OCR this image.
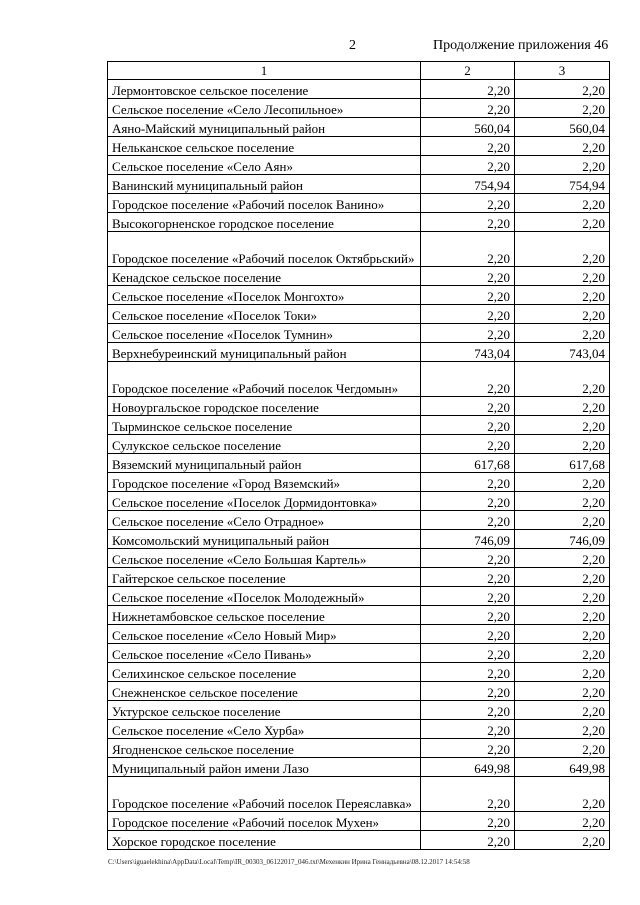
2	Продолжение приложения 46
1	2	3
Лермонтовское сельское поселение	2,20	2,20
Сельское поселение «Село Лесопильное»	2,20	2,20
Аяно-Майский муниципальный район	560,04	560,04
Нельканское сельское поселение	2,20	2,20
Сельское поселение «Село Аян»	2,20	2,20
Ванинский муниципальный район	754,94	754,94
Городское поселение «Рабочий поселок Ванино»	2,20	2,20
Высокогорненское городское поселение	2,20	2,20
Городское поселение «Рабочий поселок Октябрьский»	2,20	2,20
Кенадское сельское поселение	2,20	2,20
Сельское поселение «Поселок Монгохто»	2,20	2,20
Сельское поселение «Поселок Токи»	2,20	2,20
Сельское поселение «Поселок Тумнин»	2,20	2,20
Верхнебуреинский муниципальный район	743,04	743,04
Городское поселение «Рабочий поселок Чегдомын»	2,20	2,20
Новоургальское городское поселение	2,20	2,20
Тырминское сельское поселение	2,20	2,20
Сулукское сельское поселение	2,20	2,20
Вяземский муниципальный район	617,68	617,68
Городское поселение «Город Вяземский»	2,20	2,20
Сельское поселение «Поселок Дормидонтовка»	2,20	2,20
Сельское поселение «Село Отрадное»	2,20	2,20
Комсомольский муниципальный район	746,09	746,09
Сельское поселение «Село Большая Картель»	2,20	2,20
Гайтерское сельское поселение	2,20	2,20
Сельское поселение «Поселок Молодежный»	2,20	2,20
Нижнетамбовское сельское поселение	2,20	2,20
Сельское поселение «Село Новый Мир»	2,20	2,20
Сельское поселение «Село Пивань»	2,20	2,20
Селихинское сельское поселение	2,20	2,20
Снежненское сельское поселение	2,20	2,20
Уктурское сельское поселение	2,20	2,20
Сельское поселение «Село Хурба»	2,20	2,20
Ягодненское сельское поселение	2,20	2,20
Муниципальный район имени Лазо	649,98	649,98
Городское поселение «Рабочий поселок Переяславка»	2,20	2,20
Городское поселение «Рабочий поселок Мухен»	2,20	2,20
Хорское городское поселение	2,20	2,20
C:\Users\iguaelekhina\AppData\Local\Temp\IR_00303_06122017_046.txt\Мехенкин Ирина Геннадьевна\08.12.2017 14:54:58
